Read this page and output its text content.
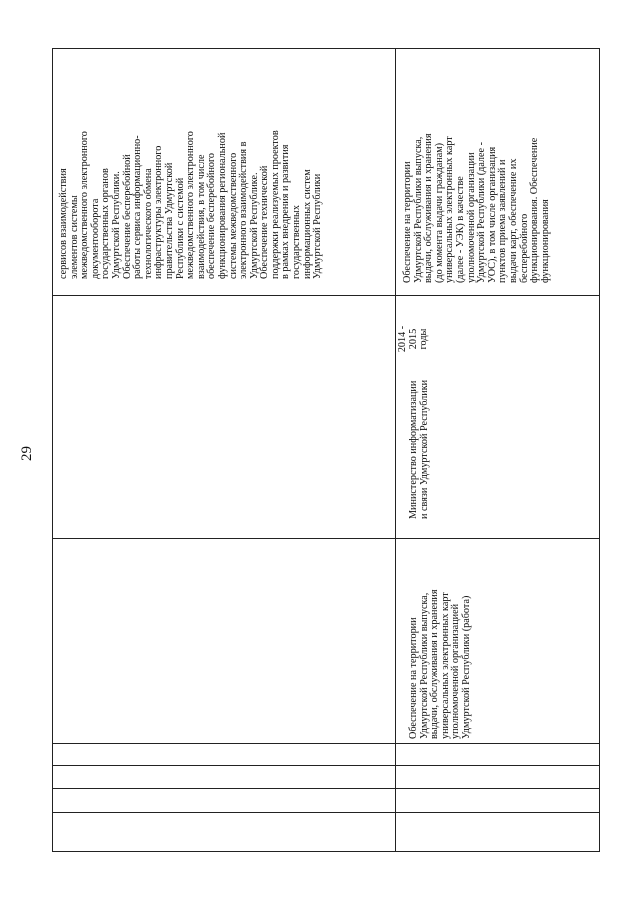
29
сервисов взаимодействия
элементов системы
межведомственного электронного
документооборота
государственных органов
Удмуртской Республики.
Обеспечение бесперебойной
работы сервиса информационно-
технологического обмена
инфраструктуры электронного
правительства Удмуртской
Республики с системой
межведомственного электронного
взаимодействия, в том числе
обеспечение бесперебойного
функционирования региональной
системы межведомственного
электронного взаимодействия в
Удмуртской Республике.
Обеспечение технической
поддержки реализуемых проектов
в рамках внедрения и развития
государственных
информационных систем
Удмуртской Республики
Обеспечение на территории
Удмуртской Республики выпуска,
выдачи, обслуживания и хранения
(до момента выдачи гражданам)
универсальных электронных карт
(далее - УЭК) в качестве
уполномоченной организации
Удмуртской Республики (далее -
УОС), в том числе организация
пунктов приема заявлений и
выдачи карт, обеспечение их
бесперебойного
функционирования. Обеспечение
функционирования
2014 -
2015
годы
Министерство информатизации
и связи Удмуртской Республики
Обеспечение на территории
Удмуртской Республики выпуска,
выдачи, обслуживания и хранения
универсальных электронных карт
уполномоченной организацией
Удмуртской Республики (работа)
